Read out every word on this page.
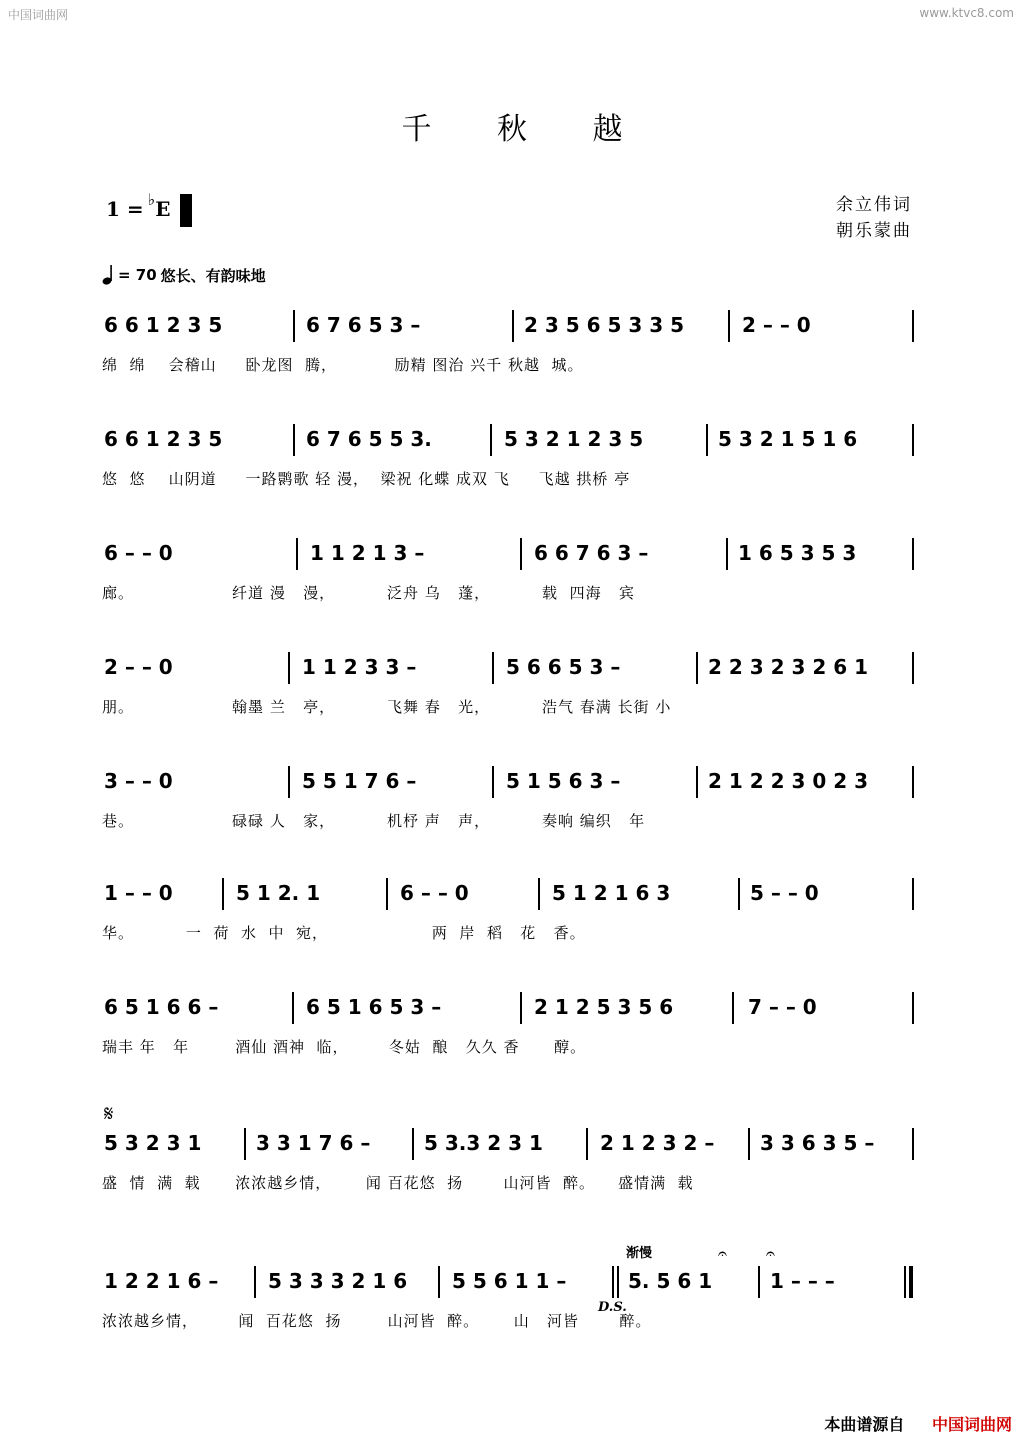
中国词曲网	www.ktvc8.com
千 秋 越
1 = ♭ E	余立伟词
朝乐蒙曲
= 70 悠长、有韵味地
6 6 1 2 3 5	6 7 6 5 3 –	2 3 5 6 5 3 3 5	2 – – 0
绵  绵    会稽山     卧龙图  腾，          励精 图治 兴千 秋越  城。
6 6 1 2 3 5	6 7 6 5 5 3.	5 3 2 1 2 3 5	5 3 2 1 5 1 6
悠  悠    山阴道     一路鹮歌 轻 漫，  梁祝 化蝶 成双 飞     飞越 拱桥 亭
6 – – 0	1 1 2 1 3 –	6 6 7 6 3 –	1 6 5 3 5 3
廊。                 纤道 漫   漫，         泛舟 乌   蓬，         载  四海   宾
2 – – 0	1 1 2 3 3 –	5 6 6 5 3 –	2 2 3 2 3 2 6 1
朋。                 翰墨 兰   亭，         飞舞 春   光，         浩气 春满 长街 小
3 – – 0	5 5 1 7 6 –	5 1 5 6 3 –	2 1 2 2 3 0 2 3
巷。                 碌碌 人   家，         机杼 声   声，         奏响 编织   年
1 – – 0	5 1 2. 1	6 – – 0	5 1 2 1 6 3	5 – – 0
华。         一  荷  水  中  宛，                  两  岸  稻   花   香。
6 5 1 6 6 –	6 5 1 6 5 3 –	2 1 2 5 3 5 6	7 – – 0
瑞丰 年   年        酒仙 酒神  临，       冬姑  酿   久久 香      醇。
𝄋
5 3 2 3 1	3 3 1 7 6 –	5 3.3 2 3 1	2 1 2 3 2 –	3 3 6 3 5 –
盛  情  满  载      浓浓越乡情，      闻 百花悠  扬       山河皆  醉。    盛情满  载
渐慢
1 2 2 1 6 –	5 3 3 3 2 1 6	5 5 6 1 1 –	5. 5 6 1	1 – – –
浓浓越乡情，       闻  百花悠  扬        山河皆  醉。      山   河皆       醉。
𝄐 𝄐
D.S.
本曲谱源自 中国词曲网
